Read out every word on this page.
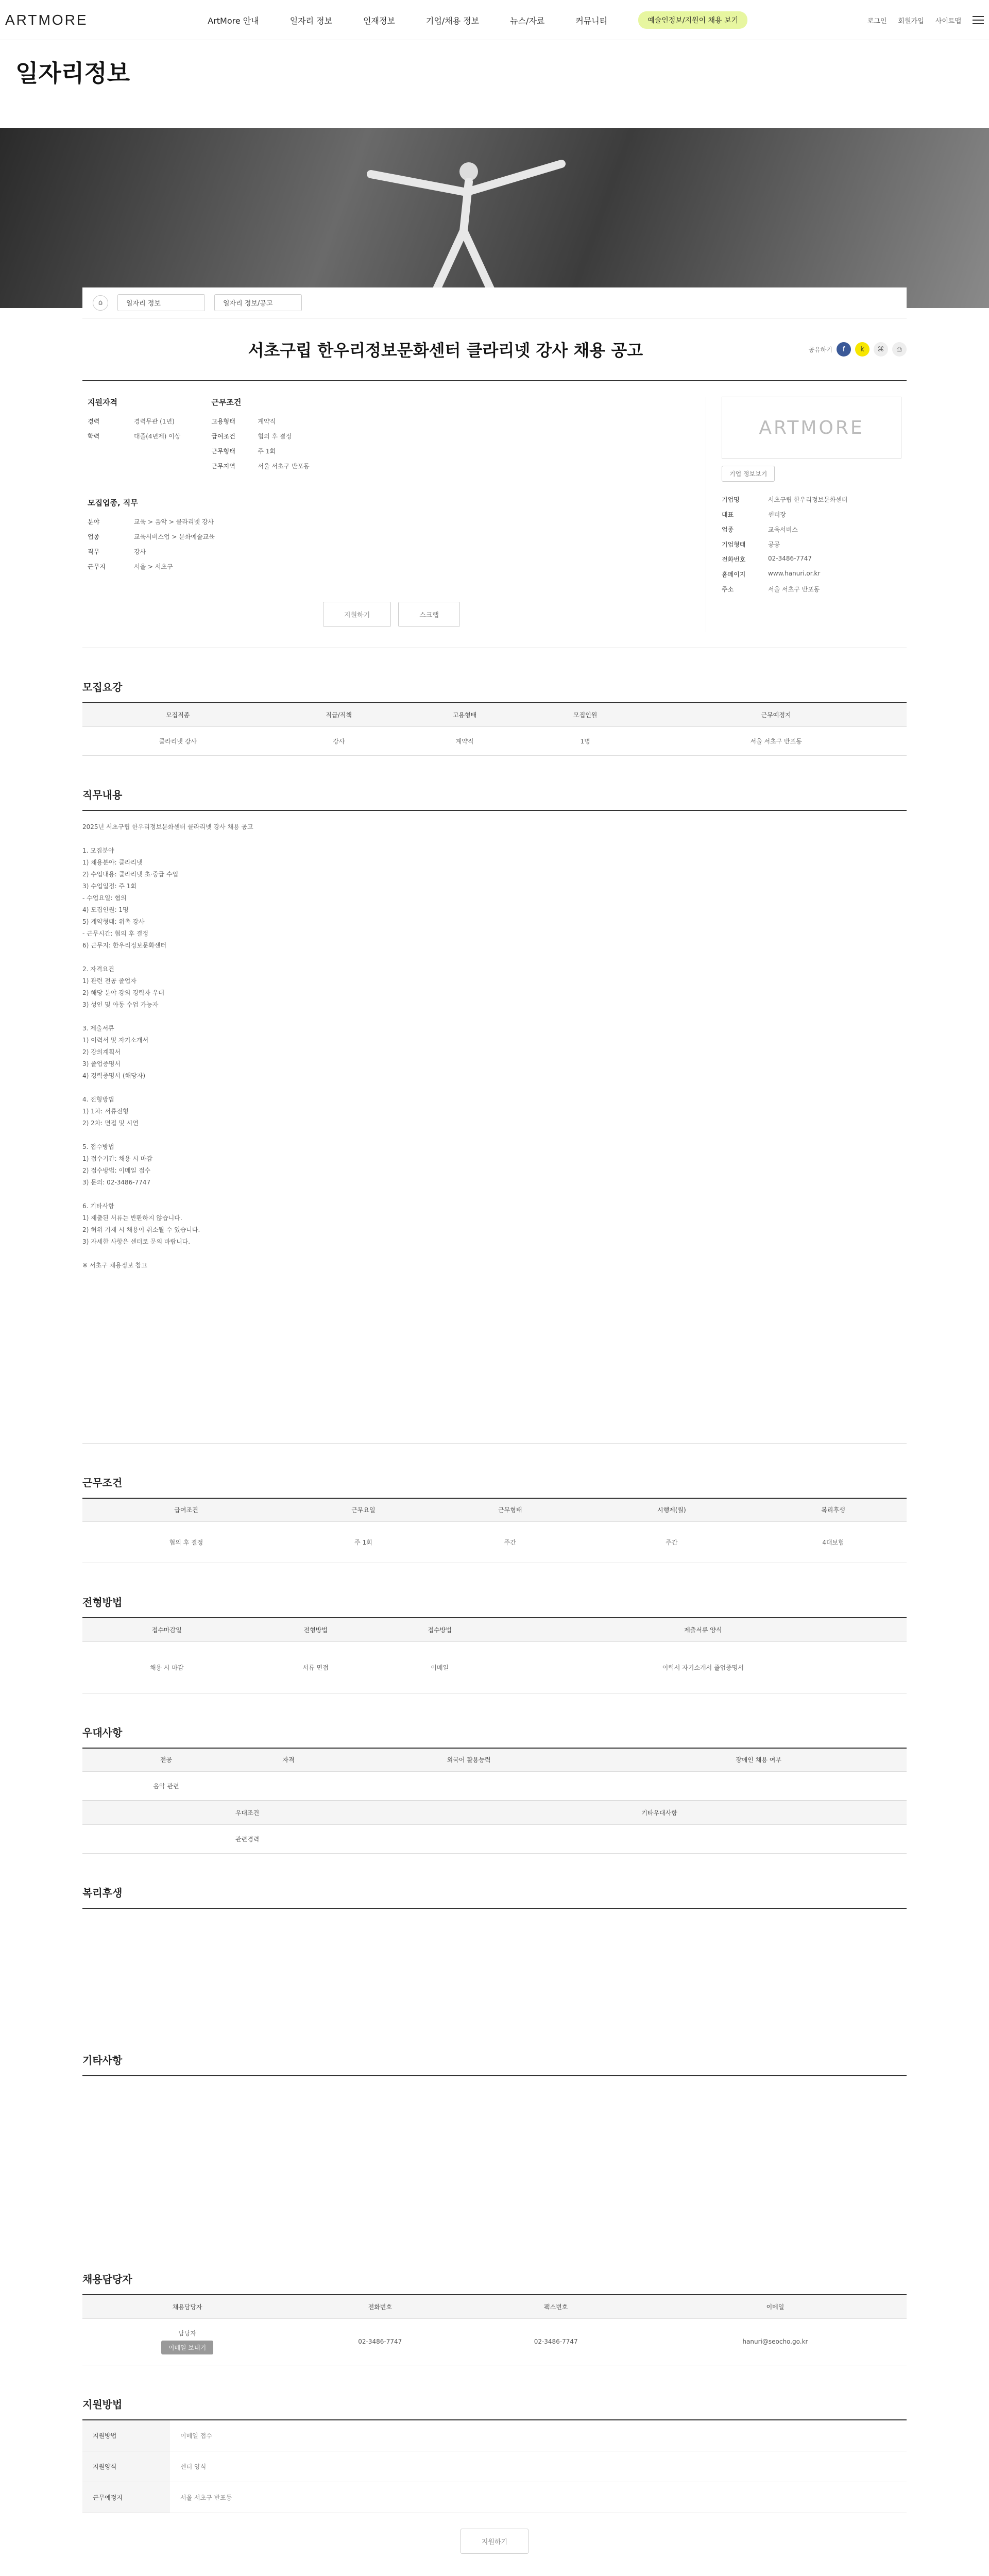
ARTMORE	ArtMore 안내	일자리 정보	인재정보	기업/채용 정보	뉴스/자료	커뮤니티	예술인정보/지원이 채용 보기	로그인 회원가입 사이트맵
일자리정보
⌂	일자리 정보	일자리 정보/공고
서초구립 한우리정보문화센터 클라리넷 강사 채용 공고	공유하기	f	k	⌘	⎙
지원자격
경력	경력무관 (1년)
학력	대졸(4년제) 이상
근무조건
고용형태	계약직
급여조건	협의 후 결정
근무형태	주 1회
근무지역	서울 서초구 반포동
모집업종, 직무
분야	교육 > 음악 > 클라리넷 강사
업종	교육서비스업 > 문화예술교육
직무	강사
근무지	서울 > 서초구
지원하기	스크랩
ARTMORE
기업 정보보기
기업명	서초구립 한우리정보문화센터
대표	센터장
업종	교육서비스
기업형태	공공
전화번호	02-3486-7747
홈페이지	www.hanuri.or.kr
주소	서울 서초구 반포동
모집요강
모집직종	직급/직책	고용형태	모집인원	근무예정지
클라리넷 강사	강사	계약직	1명	서울 서초구 반포동
직무내용
2025년 서초구립 한우리정보문화센터 클라리넷 강사 채용 공고

1. 모집분야
1) 채용분야: 클라리넷
2) 수업내용: 클라리넷 초·중급 수업
3) 수업일정: 주 1회
- 수업요일: 협의
4) 모집인원: 1명
5) 계약형태: 위촉 강사
- 근무시간: 협의 후 결정
6) 근무지: 한우리정보문화센터

2. 자격요건
1) 관련 전공 졸업자
2) 해당 분야 강의 경력자 우대
3) 성인 및 아동 수업 가능자

3. 제출서류
1) 이력서 및 자기소개서
2) 강의계획서
3) 졸업증명서
4) 경력증명서 (해당자)

4. 전형방법
1) 1차: 서류전형
2) 2차: 면접 및 시연

5. 접수방법
1) 접수기간: 채용 시 마감
2) 접수방법: 이메일 접수
3) 문의: 02-3486-7747

6. 기타사항
1) 제출된 서류는 반환하지 않습니다.
2) 허위 기재 시 채용이 취소될 수 있습니다.
3) 자세한 사항은 센터로 문의 바랍니다.

※ 서초구 채용정보 참고
근무조건
급여조건	근무요일	근무형태	시행제(월)	복리후생
협의 후 결정	주 1회	주간	주간	4대보험
전형방법
접수마감일	전형방법	접수방법	제출서류 양식
채용 시 마감	서류 면접	이메일	이력서 자기소개서 졸업증명서
우대사항
전공	자격	외국어 활용능력	장애인 채용 여부
음악 관련			
우대조건	기타우대사항
관련경력	
복리후생
기타사항
채용담당자
채용담당자	전화번호	팩스번호	이메일

담당자
이메일 보내기	02-3486-7747	02-3486-7747	hanuri@seocho.go.kr
지원방법
지원방법	이메일 접수
지원양식	센터 양식
근무예정지	서울 서초구 반포동
지원하기
